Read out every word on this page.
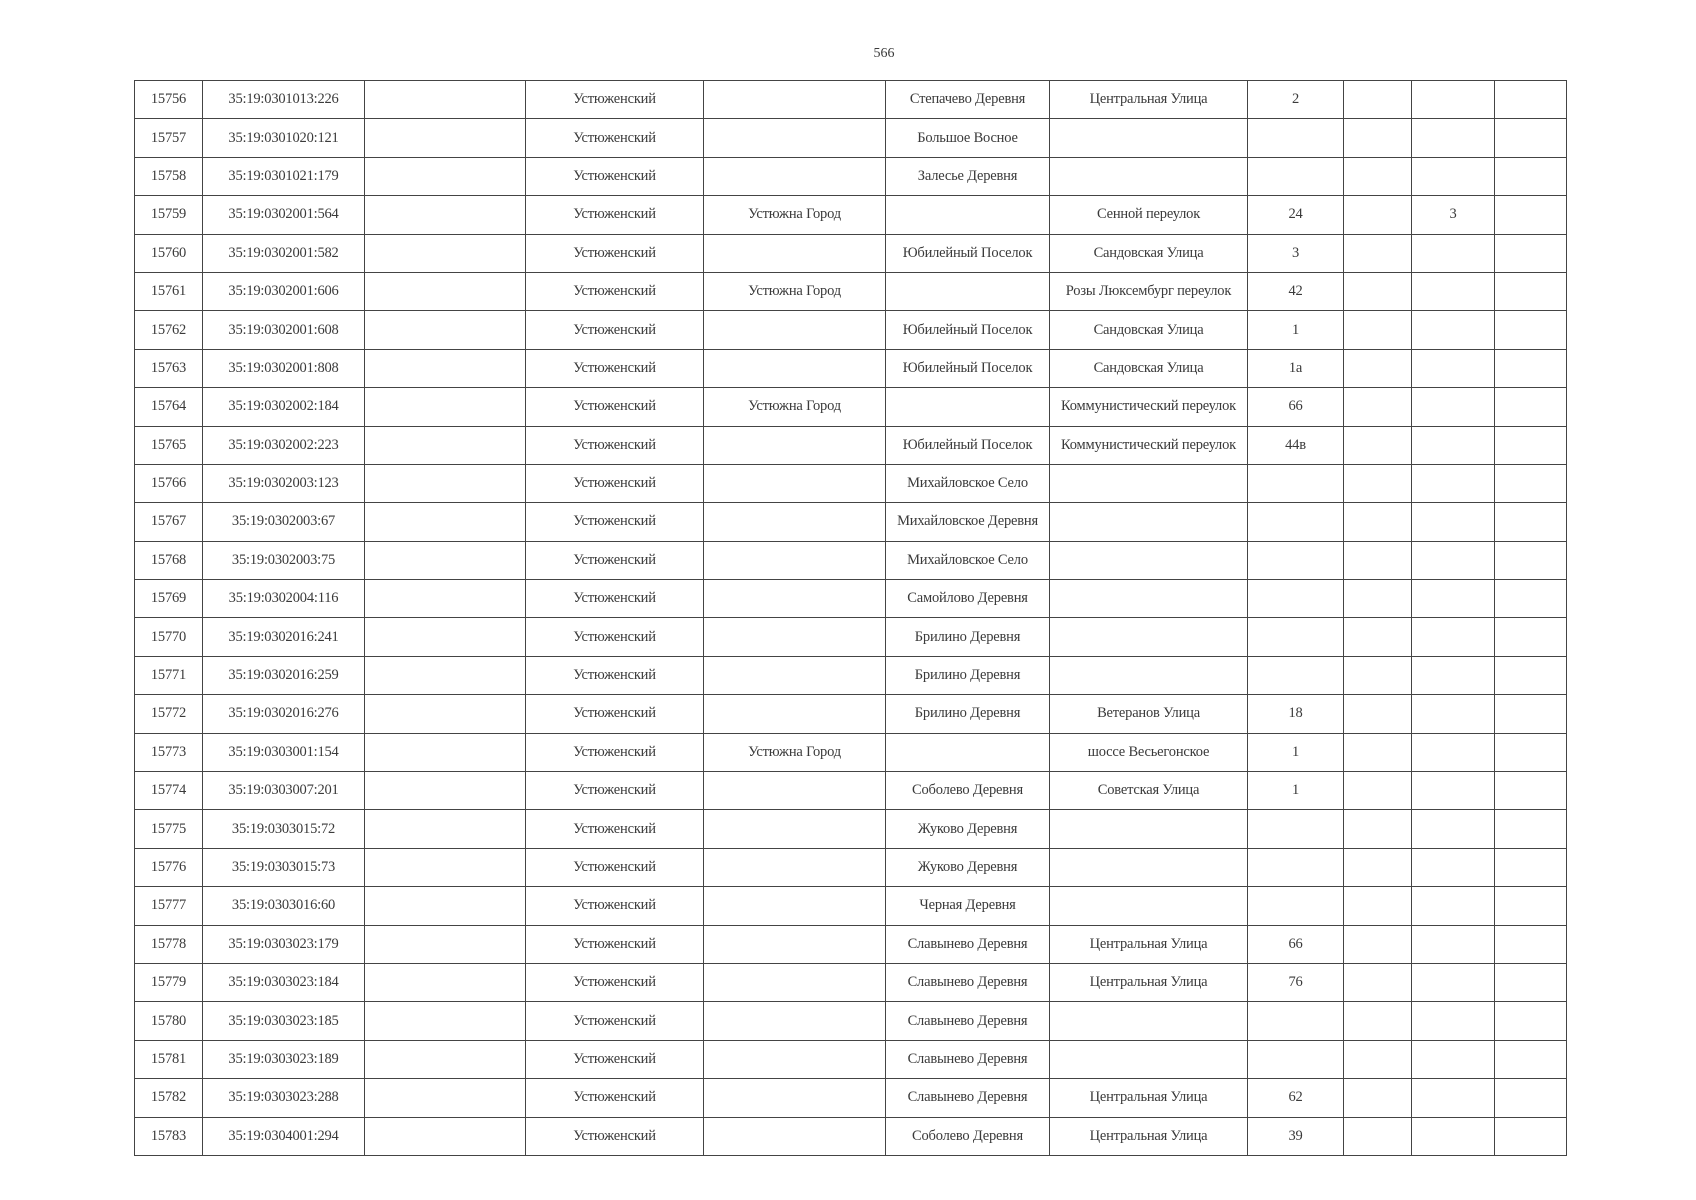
566
15756	35:19:0301013:226		Устюженский		Степачево Деревня	Центральная Улица	2			
15757	35:19:0301020:121		Устюженский		Большое Восное					
15758	35:19:0301021:179		Устюженский		Залесье Деревня					
15759	35:19:0302001:564		Устюженский	Устюжна Город		Сенной переулок	24		3	
15760	35:19:0302001:582		Устюженский		Юбилейный Поселок	Сандовская Улица	3			
15761	35:19:0302001:606		Устюженский	Устюжна Город		Розы Люксембург переулок	42			
15762	35:19:0302001:608		Устюженский		Юбилейный Поселок	Сандовская Улица	1			
15763	35:19:0302001:808		Устюженский		Юбилейный Поселок	Сандовская Улица	1а			
15764	35:19:0302002:184		Устюженский	Устюжна Город		Коммунистический переулок	66			
15765	35:19:0302002:223		Устюженский		Юбилейный Поселок	Коммунистический переулок	44в			
15766	35:19:0302003:123		Устюженский		Михайловское Село					
15767	35:19:0302003:67		Устюженский		Михайловское Деревня					
15768	35:19:0302003:75		Устюженский		Михайловское Село					
15769	35:19:0302004:116		Устюженский		Самойлово Деревня					
15770	35:19:0302016:241		Устюженский		Брилино Деревня					
15771	35:19:0302016:259		Устюженский		Брилино Деревня					
15772	35:19:0302016:276		Устюженский		Брилино Деревня	Ветеранов Улица	18			
15773	35:19:0303001:154		Устюженский	Устюжна Город		шоссе Весьегонское	1			
15774	35:19:0303007:201		Устюженский		Соболево Деревня	Советская Улица	1			
15775	35:19:0303015:72		Устюженский		Жуково Деревня					
15776	35:19:0303015:73		Устюженский		Жуково Деревня					
15777	35:19:0303016:60		Устюженский		Черная Деревня					
15778	35:19:0303023:179		Устюженский		Славынево Деревня	Центральная Улица	66			
15779	35:19:0303023:184		Устюженский		Славынево Деревня	Центральная Улица	76			
15780	35:19:0303023:185		Устюженский		Славынево Деревня					
15781	35:19:0303023:189		Устюженский		Славынево Деревня					
15782	35:19:0303023:288		Устюженский		Славынево Деревня	Центральная Улица	62			
15783	35:19:0304001:294		Устюженский		Соболево Деревня	Центральная Улица	39			
